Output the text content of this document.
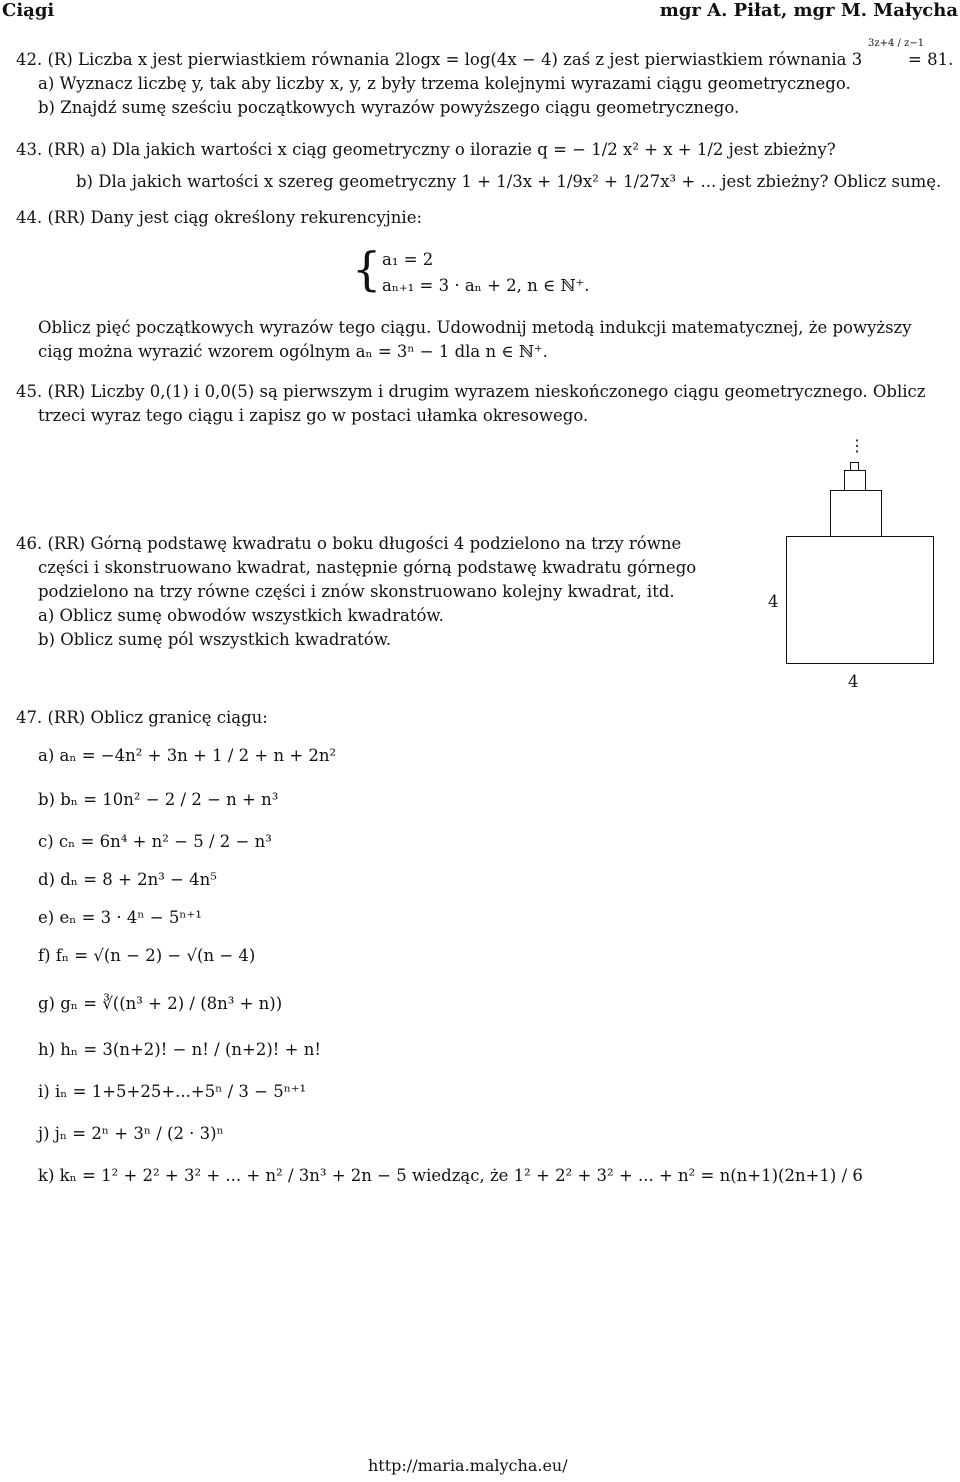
Ciągi	mgr A. Piłat, mgr M. Małycha
42. (R) Liczba x jest pierwiastkiem równania 2logx = log(4x − 4) zaś z jest pierwiastkiem równania 3
3z+4 / z−1
= 81.
a) Wyznacz liczbę y, tak aby liczby x, y, z były trzema kolejnymi wyrazami ciągu geometrycznego.
b) Znajdź sumę sześciu początkowych wyrazów powyższego ciągu geometrycznego.
43. (RR) a) Dla jakich wartości x ciąg geometryczny o ilorazie q = − 1/2 x² + x + 1/2 jest zbieżny?
b) Dla jakich wartości x szereg geometryczny 1 + 1/3x + 1/9x² + 1/27x³ + ... jest zbieżny? Oblicz sumę.
44. (RR) Dany jest ciąg określony rekurencyjnie:
{ a₁ = 2
aₙ₊₁ = 3 · aₙ + 2, n ∈ ℕ⁺.
Oblicz pięć początkowych wyrazów tego ciągu. Udowodnij metodą indukcji matematycznej, że powyższy
ciąg można wyrazić wzorem ogólnym aₙ = 3ⁿ − 1 dla n ∈ ℕ⁺.
45. (RR) Liczby 0,(1) i 0,0(5) są pierwszym i drugim wyrazem nieskończonego ciągu geometrycznego. Oblicz
trzeci wyraz tego ciągu i zapisz go w postaci ułamka okresowego.
46. (RR) Górną podstawę kwadratu o boku długości 4 podzielono na trzy równe
części i skonstruowano kwadrat, następnie górną podstawę kwadratu górnego
podzielono na trzy równe części i znów skonstruowano kolejny kwadrat, itd.
a) Oblicz sumę obwodów wszystkich kwadratów.
b) Oblicz sumę pól wszystkich kwadratów.
⋮
4
4
47. (RR) Oblicz granicę ciągu:
a) aₙ = −4n² + 3n + 1 / 2 + n + 2n²
b) bₙ = 10n² − 2 / 2 − n + n³
c) cₙ = 6n⁴ + n² − 5 / 2 − n³
d) dₙ = 8 + 2n³ − 4n⁵
e) eₙ = 3 · 4ⁿ − 5ⁿ⁺¹
f) fₙ = √(n − 2) − √(n − 4)
g) gₙ = ∛((n³ + 2) / (8n³ + n))
h) hₙ = 3(n+2)! − n! / (n+2)! + n!
i) iₙ = 1+5+25+...+5ⁿ / 3 − 5ⁿ⁺¹
j) jₙ = 2ⁿ + 3ⁿ / (2 · 3)ⁿ
k) kₙ = 1² + 2² + 3² + ... + n² / 3n³ + 2n − 5 wiedząc, że 1² + 2² + 3² + ... + n² = n(n+1)(2n+1) / 6
http://maria.malycha.eu/
